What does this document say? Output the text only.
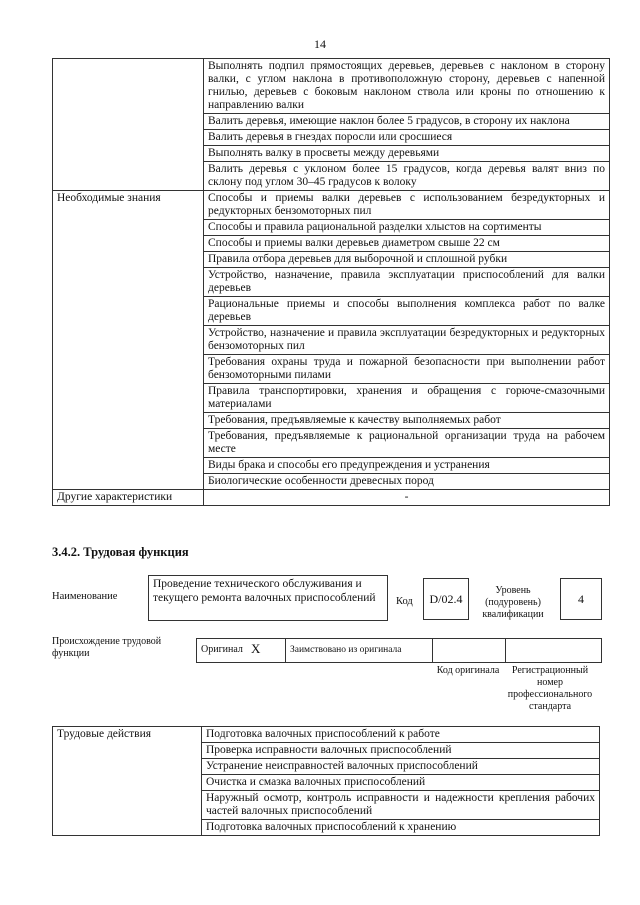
14
	Выполнять подпил прямостоящих деревьев, деревьев с наклоном в сторону валки, с углом наклона в противоположную сторону, деревьев с напенной гнилью, деревьев с боковым наклоном ствола или кроны по отношению к направлению валки
	Валить деревья, имеющие наклон более 5 градусов, в сторону их наклона
	Валить деревья в гнездах поросли или сросшиеся
	Выполнять валку в просветы между деревьями
	Валить деревья с уклоном более 15 градусов, когда деревья валят вниз по склону под углом 30–45 градусов к волоку
Необходимые знания	Способы и приемы валки деревьев с использованием безредукторных и редукторных бензомоторных пил
	Способы и правила рациональной разделки хлыстов на сортименты
	Способы и приемы валки деревьев диаметром свыше 22 см
	Правила отбора деревьев для выборочной и сплошной рубки
	Устройство, назначение, правила эксплуатации приспособлений для валки деревьев
	Рациональные приемы и способы выполнения комплекса работ по валке деревьев
	Устройство, назначение и правила эксплуатации безредукторных и редукторных бензомоторных пил
	Требования охраны труда и пожарной безопасности при выполнении работ бензомоторными пилами
	Правила транспортировки, хранения и обращения с горюче-смазочными материалами
	Требования, предъявляемые к качеству выполняемых работ
	Требования, предъявляемые к рациональной организации труда на рабочем месте
	Виды брака и способы его предупреждения и устранения
	Биологические особенности древесных пород
Другие характеристики	-
3.4.2. Трудовая функция
Наименование
Проведение технического обслуживания и текущего ремонта валочных приспособлений	Код	D/02.4
Уровень (подуровень) квалификации
4
Происхождение трудовой функции	Оригинал Х	Заимствовано из оригинала
Код оригинала	Регистрационный номер профессионального стандарта
Трудовые действия	Подготовка валочных приспособлений к работе
Проверка исправности валочных приспособлений
Устранение неисправностей валочных приспособлений
Очистка и смазка валочных приспособлений
Наружный осмотр, контроль исправности и надежности крепления рабочих частей валочных приспособлений
Подготовка валочных приспособлений к хранению
